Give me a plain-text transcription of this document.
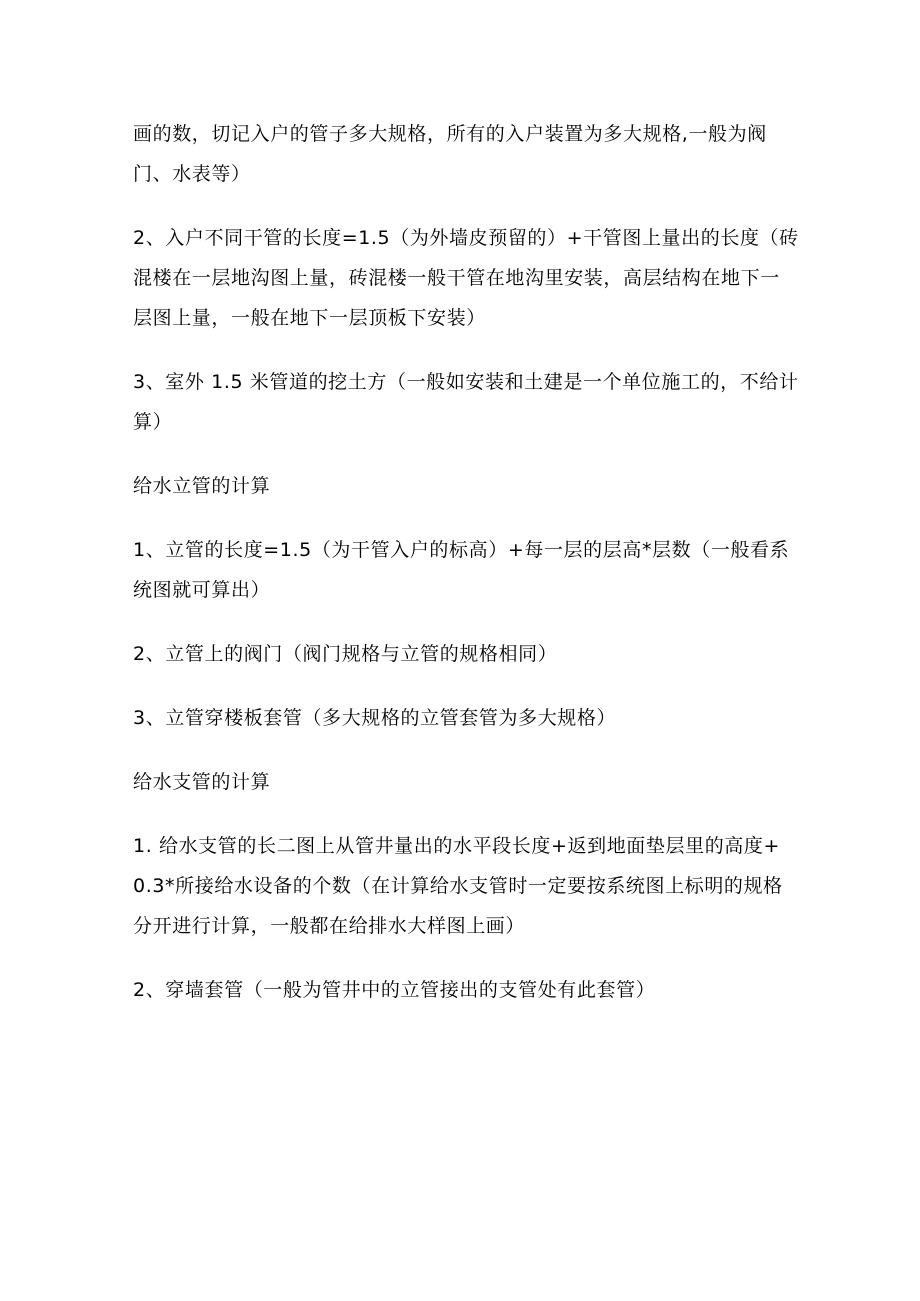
画的数，切记入户的管子多大规格，所有的入户装置为多大规格,一般为阀门、水表等）

2、入户不同干管的长度=1.5（为外墙皮预留的）+干管图上量出的长度（砖混楼在一层地沟图上量，砖混楼一般干管在地沟里安装，高层结构在地下一层图上量，一般在地下一层顶板下安装）

3、室外 1.5 米管道的挖土方（一般如安装和土建是一个单位施工的，不给计算）

给水立管的计算

1、立管的长度=1.5（为干管入户的标高）+每一层的层高*层数（一般看系统图就可算出）

2、立管上的阀门（阀门规格与立管的规格相同）

3、立管穿楼板套管（多大规格的立管套管为多大规格）

给水支管的计算

1. 给水支管的长二图上从管井量出的水平段长度+返到地面垫层里的高度+0.3*所接给水设备的个数（在计算给水支管时一定要按系统图上标明的规格分开进行计算，一般都在给排水大样图上画）

2、穿墙套管（一般为管井中的立管接出的支管处有此套管）
